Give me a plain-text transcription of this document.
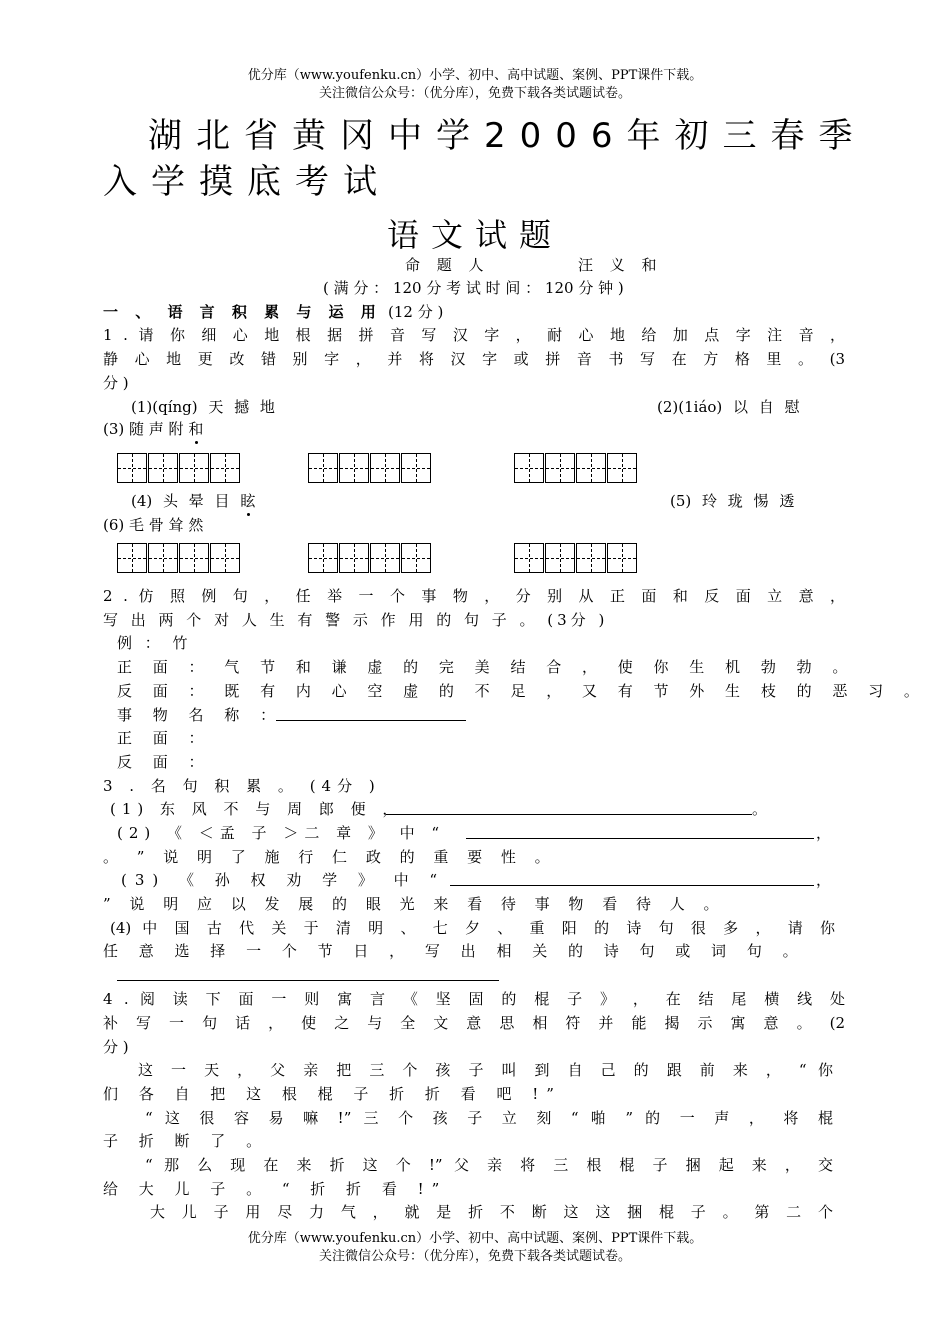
优分库（www.youfenku.cn）小学、初中、高中试题、案例、PPT课件下载。
关注微信公众号：（优分库），免费下载各类试题试卷。
湖北省黄冈中学2006年初三春季
入学摸底考试
语文试题
命 题 人	汪 义 和
( 满 分 ： 120 分 考 试 时 间 ： 120 分 钟 )
一 、 语 言 积 累 与 运 用 (12 分 )
1 . 请 你 细 心 地 根 据 拼 音 写 汉 字 ， 耐 心 地 给 加 点 字 注 音 ，
静 心 地 更 改 错 别 字 ， 并 将 汉 字 或 拼 音 书 写 在 方 格 里 。 (3
分 )
(1)(qíng) 天 撼 地	(2)(1iáo) 以 自 慰
(3) 随 声 附 和
(4) 头 晕 目 眩	(5) 玲 珑 惕 透
(6) 毛 骨 耸 然
2 . 仿 照 例 句 ， 任 举 一 个 事 物 ， 分 别 从 正 面 和 反 面 立 意 ，
写 出 两 个 对 人 生 有 警 示 作 用 的 句 子 。 (3分 )
例 ： 竹
正 面 ： 气 节 和 谦 虚 的 完 美 结 合 ， 使 你 生 机 勃 勃 。
反 面 ： 既 有 内 心 空 虚 的 不 足 ， 又 有 节 外 生 枝 的 恶 习 。
事 物 名 称 ：
正 面 ：
反 面 ：
3 . 名 句 积 累 。 (4分 )
(1) 东 风 不 与 周 郎 便 ，	。
(2) 《 ＜孟 子 ＞二 章 》 中 “	，
。 ” 说 明 了 施 行 仁 政 的 重 要 性 。
(3) 《 孙 权 劝 学 》 中 “	，
” 说 明 应 以 发 展 的 眼 光 来 看 待 事 物 看 待 人 。
(4) 中 国 古 代 关 于 清 明 、 七 夕 、 重 阳 的 诗 句 很 多 ， 请 你
任 意 选 择 一 个 节 日 ， 写 出 相 关 的 诗 句 或 词 句 。
4 . 阅 读 下 面 一 则 寓 言 《 坚 固 的 棍 子 》 ， 在 结 尾 横 线 处
补 写 一 句 话 ， 使 之 与 全 文 意 思 相 符 并 能 揭 示 寓 意 。 (2
分 )
这 一 天 ， 父 亲 把 三 个 孩 子 叫 到 自 己 的 跟 前 来 ， “ 你
们 各 自 把 这 根 棍 子 折 折 看 吧 !”
“ 这 很 容 易 嘛 !” 三 个 孩 子 立 刻 “ 啪 ” 的 一 声 ， 将 棍
子 折 断 了 。
“ 那 么 现 在 来 折 这 个 !” 父 亲 将 三 根 棍 子 捆 起 来 ， 交
给 大 儿 子 。 “ 折 折 看 !”
大 儿 子 用 尽 力 气 ， 就 是 折 不 断 这 这 捆 棍 子 。 第 二 个
优分库（www.youfenku.cn）小学、初中、高中试题、案例、PPT课件下载。
关注微信公众号：（优分库），免费下载各类试题试卷。
